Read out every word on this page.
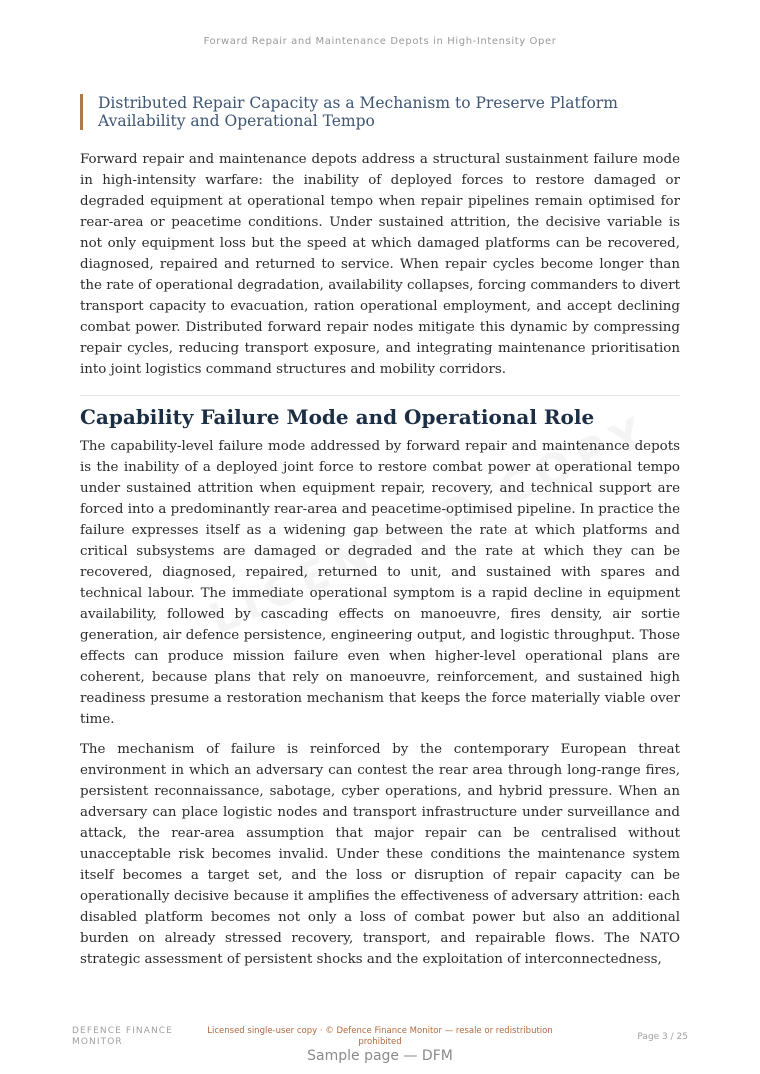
Forward Repair and Maintenance Depots in High-Intensity Oper
Distributed Repair Capacity as a Mechanism to Preserve Platform Availability and Operational Tempo

Forward repair and maintenance depots address a structural sustainment failure mode in high-intensity warfare: the inability of deployed forces to restore damaged or degraded equipment at operational tempo when repair pipelines remain optimised for rear-area or peacetime conditions. Under sustained attrition, the decisive variable is not only equipment loss but the speed at which damaged platforms can be recovered, diagnosed, repaired and returned to service. When repair cycles become longer than the rate of operational degradation, availability collapses, forcing commanders to divert transport capacity to evacuation, ration operational employment, and accept declining combat power. Distributed forward repair nodes mitigate this dynamic by compressing repair cycles, reducing transport exposure, and integrating maintenance prioritisation into joint logistics command structures and mobility corridors.

Capability Failure Mode and Operational Role

The capability-level failure mode addressed by forward repair and maintenance depots is the inability of a deployed joint force to restore combat power at operational tempo under sustained attrition when equipment repair, recovery, and technical support are forced into a predominantly rear-area and peacetime-optimised pipeline. In practice the failure expresses itself as a widening gap between the rate at which platforms and critical subsystems are damaged or degraded and the rate at which they can be recovered, diagnosed, repaired, returned to unit, and sustained with spares and technical labour. The immediate operational symptom is a rapid decline in equipment availability, followed by cascading effects on manoeuvre, fires density, air sortie generation, air defence persistence, engineering output, and logistic throughput. Those effects can produce mission failure even when higher-level operational plans are coherent, because plans that rely on manoeuvre, reinforcement, and sustained high readiness presume a restoration mechanism that keeps the force materially viable over time.

The mechanism of failure is reinforced by the contemporary European threat environment in which an adversary can contest the rear area through long-range fires, persistent reconnaissance, sabotage, cyber operations, and hybrid pressure. When an adversary can place logistic nodes and transport infrastructure under surveillance and attack, the rear-area assumption that major repair can be centralised without unacceptable risk becomes invalid. Under these conditions the maintenance system itself becomes a target set, and the loss or disruption of repair capacity can be operationally decisive because it amplifies the effectiveness of adversary attrition: each disabled platform becomes not only a loss of combat power but also an additional burden on already stressed recovery, transport, and repairable flows. The NATO strategic assessment of persistent shocks and the exploitation of interconnectedness,

DEFENCE FINANCE MONITOR
Licensed single-user copy · © Defence Finance Monitor — resale or redistribution prohibited	Page 3 / 25
Sample page — DFM
